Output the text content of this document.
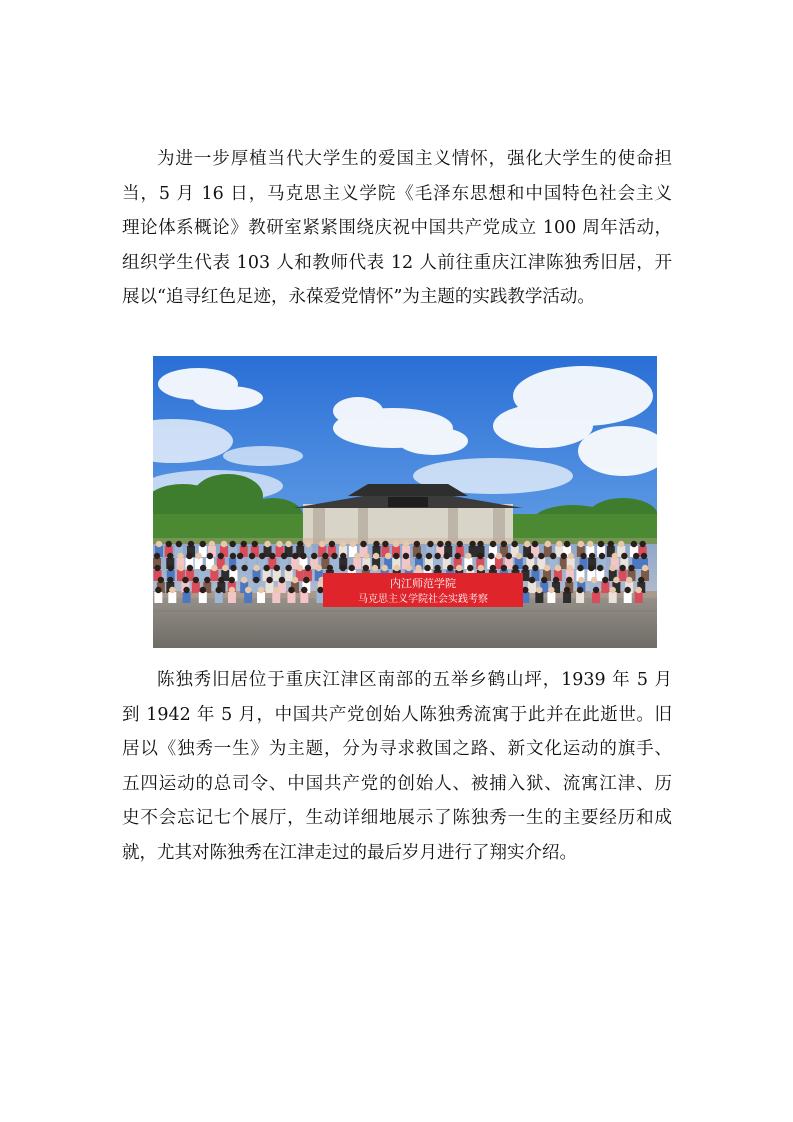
为进一步厚植当代大学生的爱国主义情怀，强化大学生的使命担
当，5 月 16 日，马克思主义学院《毛泽东思想和中国特色社会主义
理论体系概论》教研室紧紧围绕庆祝中国共产党成立 100 周年活动，
组织学生代表 103 人和教师代表 12 人前往重庆江津陈独秀旧居，开
展以“追寻红色足迹，永葆爱党情怀”为主题的实践教学活动。

内江师范学院
马克思主义学院社会实践考察

陈独秀旧居位于重庆江津区南部的五举乡鹤山坪，1939 年 5 月
到 1942 年 5 月，中国共产党创始人陈独秀流寓于此并在此逝世。旧
居以《独秀一生》为主题，分为寻求救国之路、新文化运动的旗手、
五四运动的总司令、中国共产党的创始人、被捕入狱、流寓江津、历
史不会忘记七个展厅，生动详细地展示了陈独秀一生的主要经历和成
就，尤其对陈独秀在江津走过的最后岁月进行了翔实介绍。
